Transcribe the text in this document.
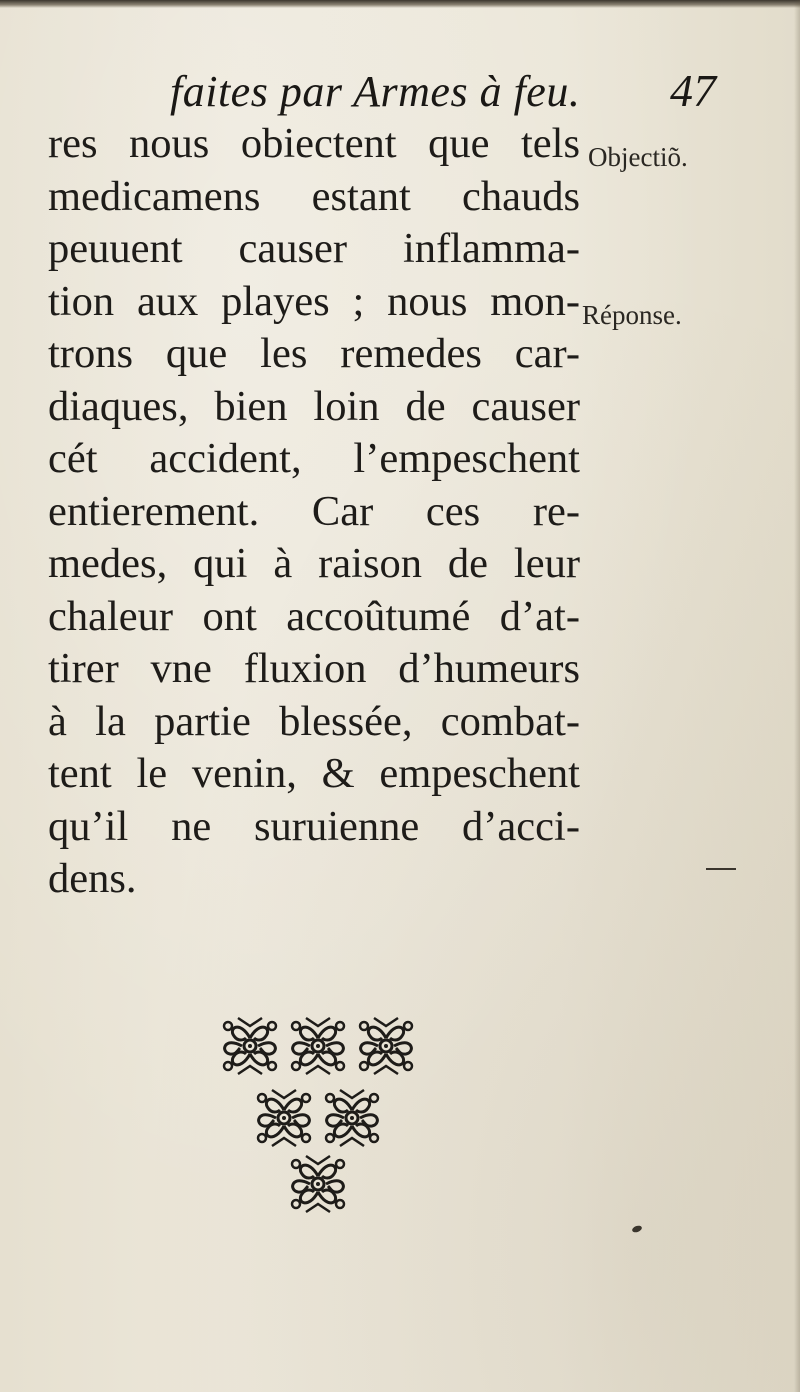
faites par Armes à feu. 47
res nous obiectent que tels
medicamens estant chauds
peuuent causer inflamma-
tion aux playes ; nous mon-
trons que les remedes car-
diaques, bien loin de causer
cét accident, l’empeschent
entierement. Car ces re-
medes, qui à raison de leur
chaleur ont accoûtumé d’at-
tirer vne fluxion d’humeurs
à la partie blessée, combat-
tent le venin, & empeschent
qu’il ne suruienne d’acci-
dens.
Objectiõ.
Réponse.
